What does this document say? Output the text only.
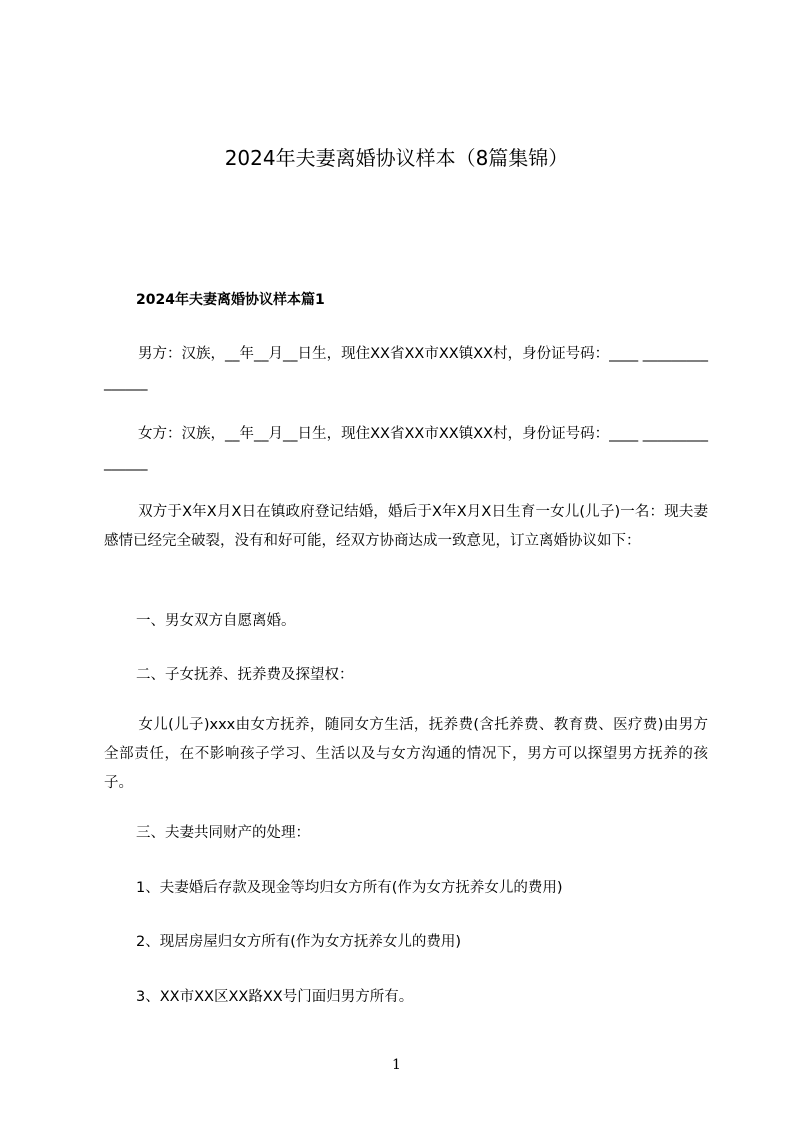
2024年夫妻离婚协议样本（8篇集锦）
2024年夫妻离婚协议样本篇1
男方：汉族，__年__月__日生，现住XX省XX市XX镇XX村，身份证号码：____ _______________
女方：汉族，__年__月__日生，现住XX省XX市XX镇XX村，身份证号码：____ _______________
双方于X年X月X日在镇政府登记结婚，婚后于X年X月X日生育一女儿(儿子)一名：现夫妻感情已经完全破裂，没有和好可能，经双方协商达成一致意见，订立离婚协议如下：
一、男女双方自愿离婚。
二、子女抚养、抚养费及探望权：
女儿(儿子)xxx由女方抚养，随同女方生活，抚养费(含托养费、教育费、医疗费)由男方全部责任，在不影响孩子学习、生活以及与女方沟通的情况下，男方可以探望男方抚养的孩子。
三、夫妻共同财产的处理：
1、夫妻婚后存款及现金等均归女方所有(作为女方抚养女儿的费用)
2、现居房屋归女方所有(作为女方抚养女儿的费用)
3、XX市XX区XX路XX号门面归男方所有。
1
